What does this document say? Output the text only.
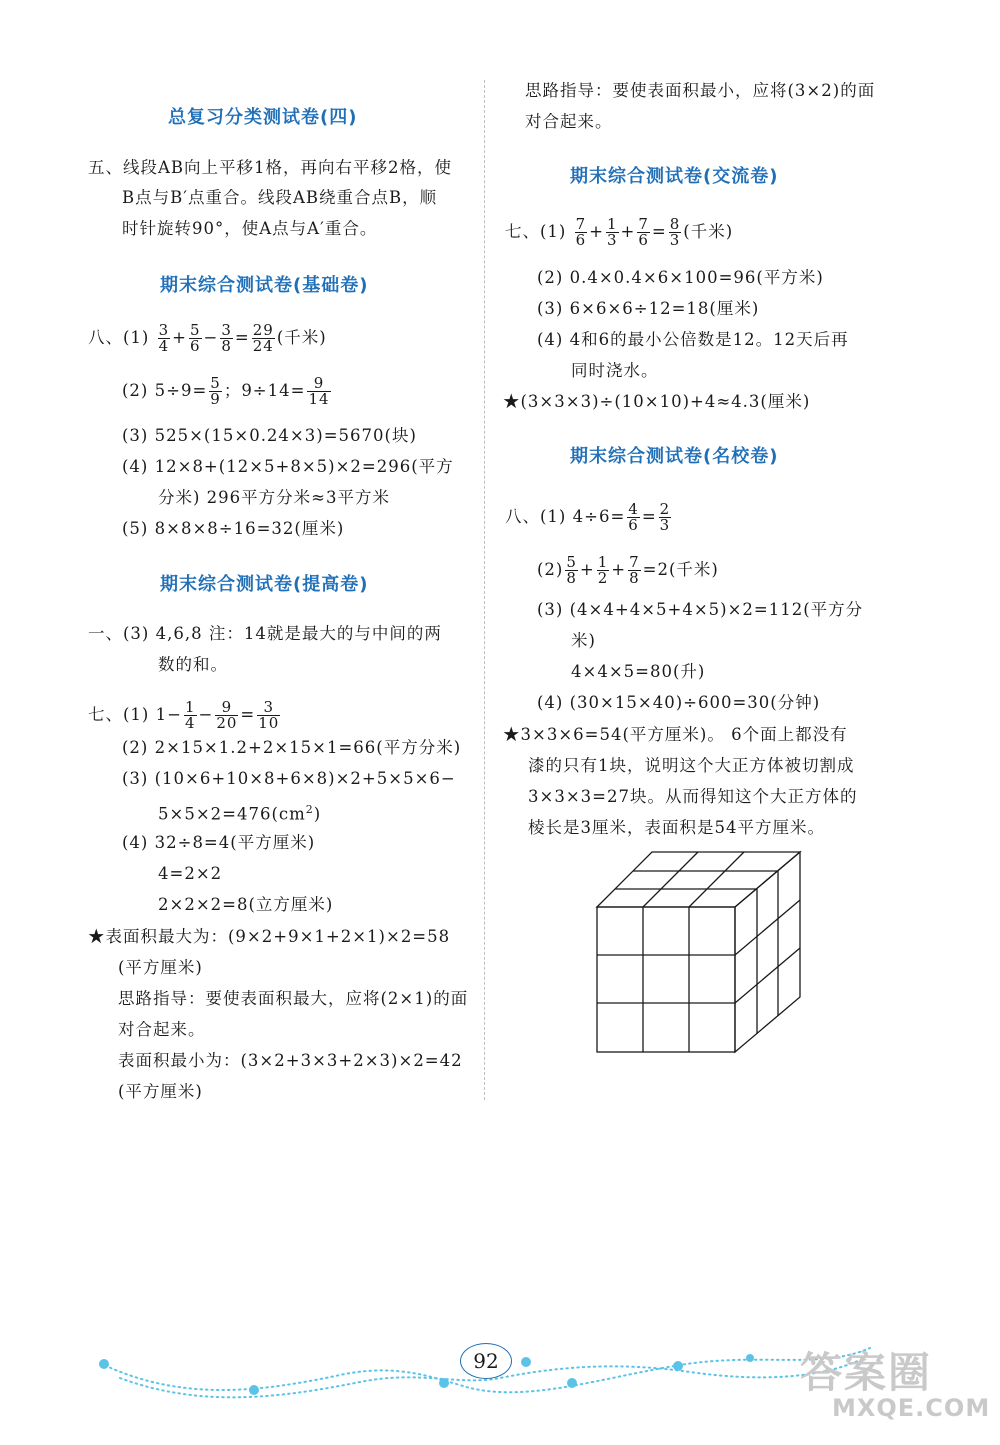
总复习分类测试卷(四)
五、线段AB向上平移1格，再向右平移2格，使
B点与B′点重合。线段AB绕重合点B，顺
时针旋转90°，使A点与A′重合。
期末综合测试卷(基础卷)
八、$(1) \frac{3}{4} + \frac{5}{6} - \frac{3}{8} = \frac{29}{24}$ (千米)
(2) $5\div 9= \frac{5}{9}$ ；$9\div 14= \frac{9}{14}$
(3) 525×(15×0.24×3)=5670(块)
(4) 12×8+(12×5+8×5)×2=296(平方
分米) 296平方分米≈3平方米
(5) 8×8×8÷16=32(厘米)
期末综合测试卷(提高卷)
一、(3) 4,6,8 注：14就是最大的与中间的两
数的和。
七、(1) $1- \frac{1}{4} - \frac{9}{20} = \frac{3}{10}$
(2) 2×15×1.2+2×15×1=66(平方分米)
(3) (10×6+10×8+6×8)×2+5×5×6−
$5\times 5\times 2=476(cm^2)$
(4) 32÷8=4(平方厘米)
4=2×2
2×2×2=8(立方厘米)
★表面积最大为：(9×2+9×1+2×1)×2=58
(平方厘米)
思路指导：要使表面积最大，应将(2×1)的面
对合起来。
表面积最小为：(3×2+3×3+2×3)×2=42
(平方厘米)
思路指导：要使表面积最小，应将(3×2)的面
对合起来。
期末综合测试卷(交流卷)
七、$(1) \frac{7}{6} + \frac{1}{3} + \frac{7}{6} = \frac{8}{3}$ (千米)
(2) 0.4×0.4×6×100=96(平方米)
(3) 6×6×6÷12=18(厘米)
(4) 4和6的最小公倍数是12。12天后再
同时浇水。
★(3×3×3)÷(10×10)+4≈4.3(厘米)
期末综合测试卷(名校卷)
八、(1) $4\div 6= \frac{4}{6} = \frac{2}{3}$
$(2) \frac{5}{8} + \frac{1}{2} + \frac{7}{8} =2$(千米)
(3) (4×4+4×5+4×5)×2=112(平方分
米)
4×4×5=80(升)
(4) (30×15×40)÷600=30(分钟)
★3×3×6=54(平方厘米)。 6个面上都没有
漆的只有1块，说明这个大正方体被切割成
3×3×3=27块。从而得知这个大正方体的
棱长是3厘米，表面积是54平方厘米。
92	答案圈
MXQE.COM
